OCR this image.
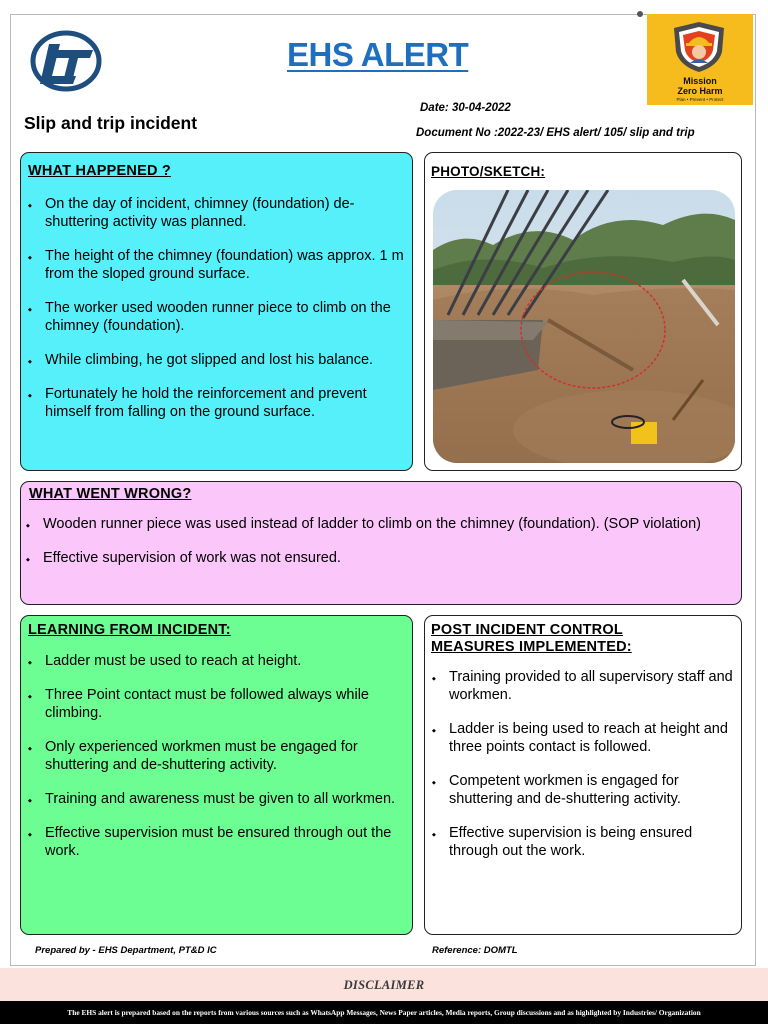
EHS ALERT
Mission
Zero Harm
Plan • Prevent • Protect
Slip and trip incident
Date: 30-04-2022
Document No :2022-23/ EHS alert/ 105/ slip and trip
WHAT HAPPENED ?
◆ On the day of incident, chimney (foundation) de-shuttering activity was planned.
◆ The height of the chimney (foundation) was approx. 1 m from the sloped ground surface.
◆ The worker used wooden runner piece to climb on the chimney (foundation).
◆ While climbing, he got slipped and lost his balance.
◆ Fortunately he hold the reinforcement and prevent himself from falling on the ground surface.
PHOTO/SKETCH:
WHAT WENT WRONG?
◆ Wooden runner piece was used instead of ladder to climb on the chimney (foundation). (SOP violation)
◆ Effective supervision of work was not ensured.
LEARNING FROM INCIDENT:
◆ Ladder must be used to reach at height.
◆ Three Point contact must be followed always while climbing.
◆ Only experienced workmen must be engaged for shuttering and de-shuttering activity.
◆ Training and awareness must be given to all workmen.
◆ Effective supervision must be ensured through out the work.
POST INCIDENT CONTROL
MEASURES IMPLEMENTED:
◆ Training provided to all supervisory staff and workmen.
◆ Ladder is being used to reach at height and three points contact is followed.
◆ Competent workmen is engaged for shuttering and de-shuttering activity.
◆ Effective supervision is being ensured through out the work.
Prepared by - EHS Department, PT&D IC	Reference: DOMTL
DISCLAIMER
The EHS alert is prepared based on the reports from various sources such as WhatsApp Messages, News Paper articles, Media reports, Group discussions and as highlighted by Industries/ Organization
